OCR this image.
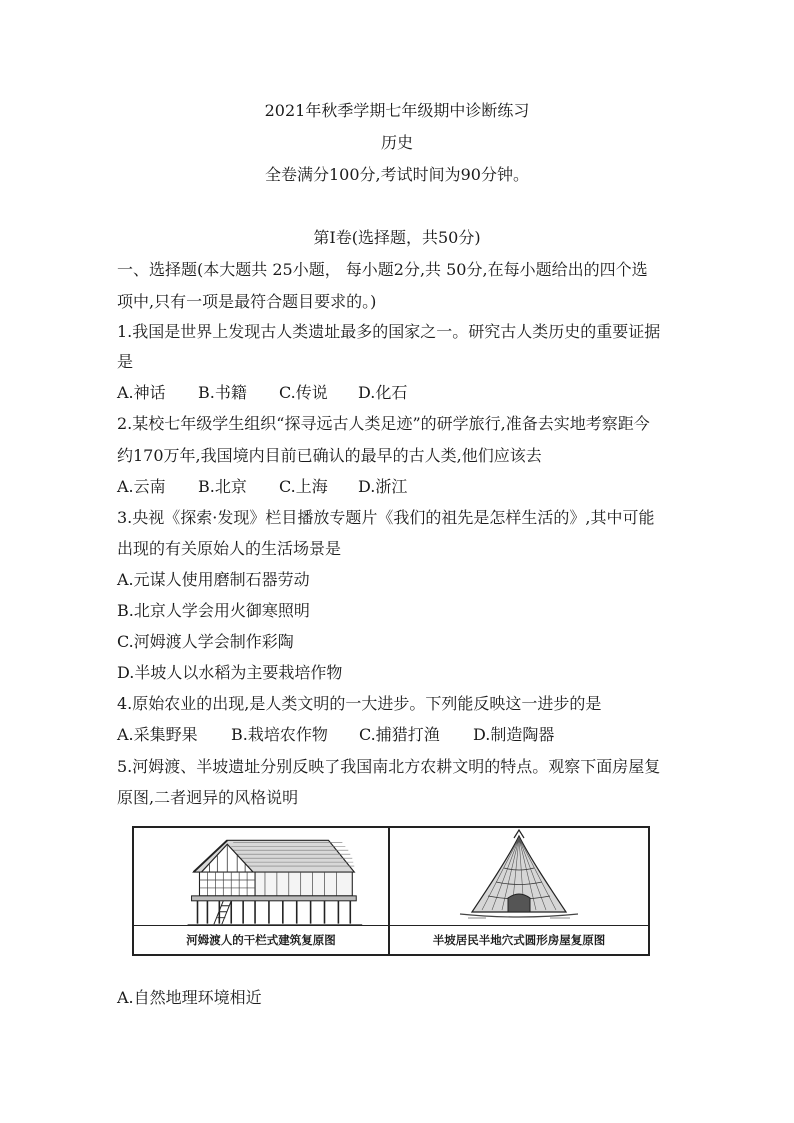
2021年秋季学期七年级期中诊断练习
历史
全卷满分100分,考试时间为90分钟。
第Ⅰ卷(选择题，共50分)
一、选择题(本大题共 25小题， 每小题2分,共 50分,在每小题给出的四个选
项中,只有一项是最符合题目要求的。)
1.我国是世界上发现古人类遗址最多的国家之一。研究古人类历史的重要证据
是
A.神话 B.书籍 C.传说 D.化石
2.某校七年级学生组织“探寻远古人类足迹”的研学旅行,准备去实地考察距今
约170万年,我国境内目前已确认的最早的古人类,他们应该去
A.云南 B.北京 C.上海 D.浙江
3.央视《探索·发现》栏目播放专题片《我们的祖先是怎样生活的》,其中可能
出现的有关原始人的生活场景是
A.元谋人使用磨制石器劳动
B.北京人学会用火御寒照明
C.河姆渡人学会制作彩陶
D.半坡人以水稻为主要栽培作物
4.原始农业的出现,是人类文明的一大进步。下列能反映这一进步的是
A.采集野果 B.栽培农作物 C.捕猎打渔 D.制造陶器
5.河姆渡、半坡遗址分别反映了我国南北方农耕文明的特点。观察下面房屋复
原图,二者迥异的风格说明
河姆渡人的干栏式建筑复原图	半坡居民半地穴式圆形房屋复原图
A.自然地理环境相近
